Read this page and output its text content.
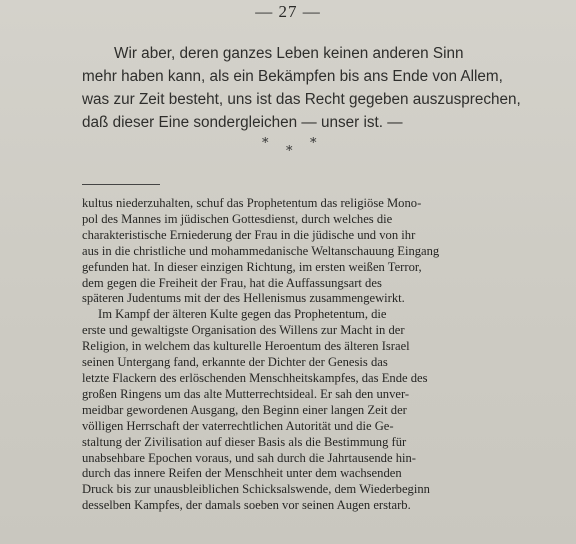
— 27 —
Wir aber, deren ganzes Leben keinen anderen Sinn
mehr haben kann, als ein Bekämpfen bis ans Ende von Allem,
was zur Zeit besteht, uns ist das Recht gegeben auszusprechen,
daß dieser Eine sondergleichen — unser ist. —
*
*
*
kultus niederzuhalten, schuf das Prophetentum das religiöse Mono-
pol des Mannes im jüdischen Gottesdienst, durch welches die
charakteristische Erniederung der Frau in die jüdische und von ihr
aus in die christliche und mohammedanische Weltanschauung Eingang
gefunden hat. In dieser einzigen Richtung, im ersten weißen Terror,
dem gegen die Freiheit der Frau, hat die Auffassungsart des
späteren Judentums mit der des Hellenismus zusammengewirkt.
Im Kampf der älteren Kulte gegen das Prophetentum, die
erste und gewaltigste Organisation des Willens zur Macht in der
Religion, in welchem das kulturelle Heroentum des älteren Israel
seinen Untergang fand, erkannte der Dichter der Genesis das
letzte Flackern des erlöschenden Menschheitskampfes, das Ende des
großen Ringens um das alte Mutterrechtsideal. Er sah den unver-
meidbar gewordenen Ausgang, den Beginn einer langen Zeit der
völligen Herrschaft der vaterrechtlichen Autorität und die Ge-
staltung der Zivilisation auf dieser Basis als die Bestimmung für
unabsehbare Epochen voraus, und sah durch die Jahrtausende hin-
durch das innere Reifen der Menschheit unter dem wachsenden
Druck bis zur unausbleiblichen Schicksalswende, dem Wiederbeginn
desselben Kampfes, der damals soeben vor seinen Augen erstarb.
